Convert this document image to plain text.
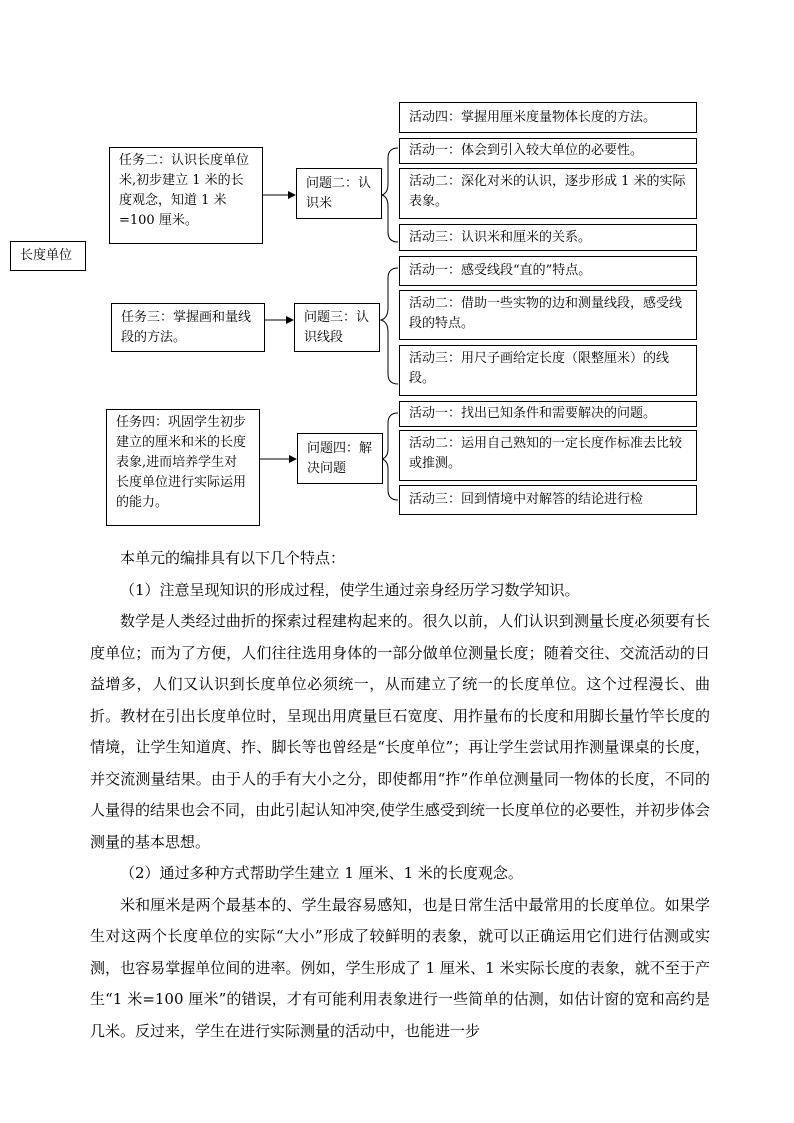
长度单位
任务二：认识长度单位米,初步建立 1 米的长度观念，知道 1 米=100 厘米。
问题二：认识米
活动四：掌握用厘米度量物体长度的方法。
活动一：体会到引入较大单位的必要性。
活动二：深化对米的认识，逐步形成 1 米的实际表象。
活动三：认识米和厘米的关系。
任务三：掌握画和量线段的方法。
问题三：认识线段
活动一：感受线段“直的”特点。
活动二：借助一些实物的边和测量线段，感受线段的特点。
活动三：用尺子画给定长度（限整厘米）的线段。
任务四：巩固学生初步建立的厘米和米的长度表象,进而培养学生对长度单位进行实际运用的能力。
问题四：解决问题
活动一：找出已知条件和需要解决的问题。
活动二：运用自己熟知的一定长度作标准去比较或推测。
活动三：回到情境中对解答的结论进行检

本单元的编排具有以下几个特点：

（1）注意呈现知识的形成过程，使学生通过亲身经历学习数学知识。

数学是人类经过曲折的探索过程建构起来的。很久以前，人们认识到测量长度必须要有长度单位；而为了方便，人们往往选用身体的一部分做单位测量长度；随着交往、交流活动的日益增多，人们又认识到长度单位必须统一，从而建立了统一的长度单位。这个过程漫长、曲折。教材在引出长度单位时，呈现出用庹量巨石宽度、用拃量布的长度和用脚长量竹竿长度的情境，让学生知道庹、拃、脚长等也曾经是“长度单位”；再让学生尝试用拃测量课桌的长度，并交流测量结果。由于人的手有大小之分，即使都用“拃”作单位测量同一物体的长度，不同的人量得的结果也会不同，由此引起认知冲突,使学生感受到统一长度单位的必要性，并初步体会测量的基本思想。

（2）通过多种方式帮助学生建立 1 厘米、1 米的长度观念。

米和厘米是两个最基本的、学生最容易感知，也是日常生活中最常用的长度单位。如果学生对这两个长度单位的实际“大小”形成了较鲜明的表象，就可以正确运用它们进行估测或实测，也容易掌握单位间的进率。例如，学生形成了 1 厘米、1 米实际长度的表象，就不至于产生“1 米=100 厘米”的错误，才有可能利用表象进行一些简单的估测，如估计窗的宽和高约是几米。反过来，学生在进行实际测量的活动中，也能进一步
